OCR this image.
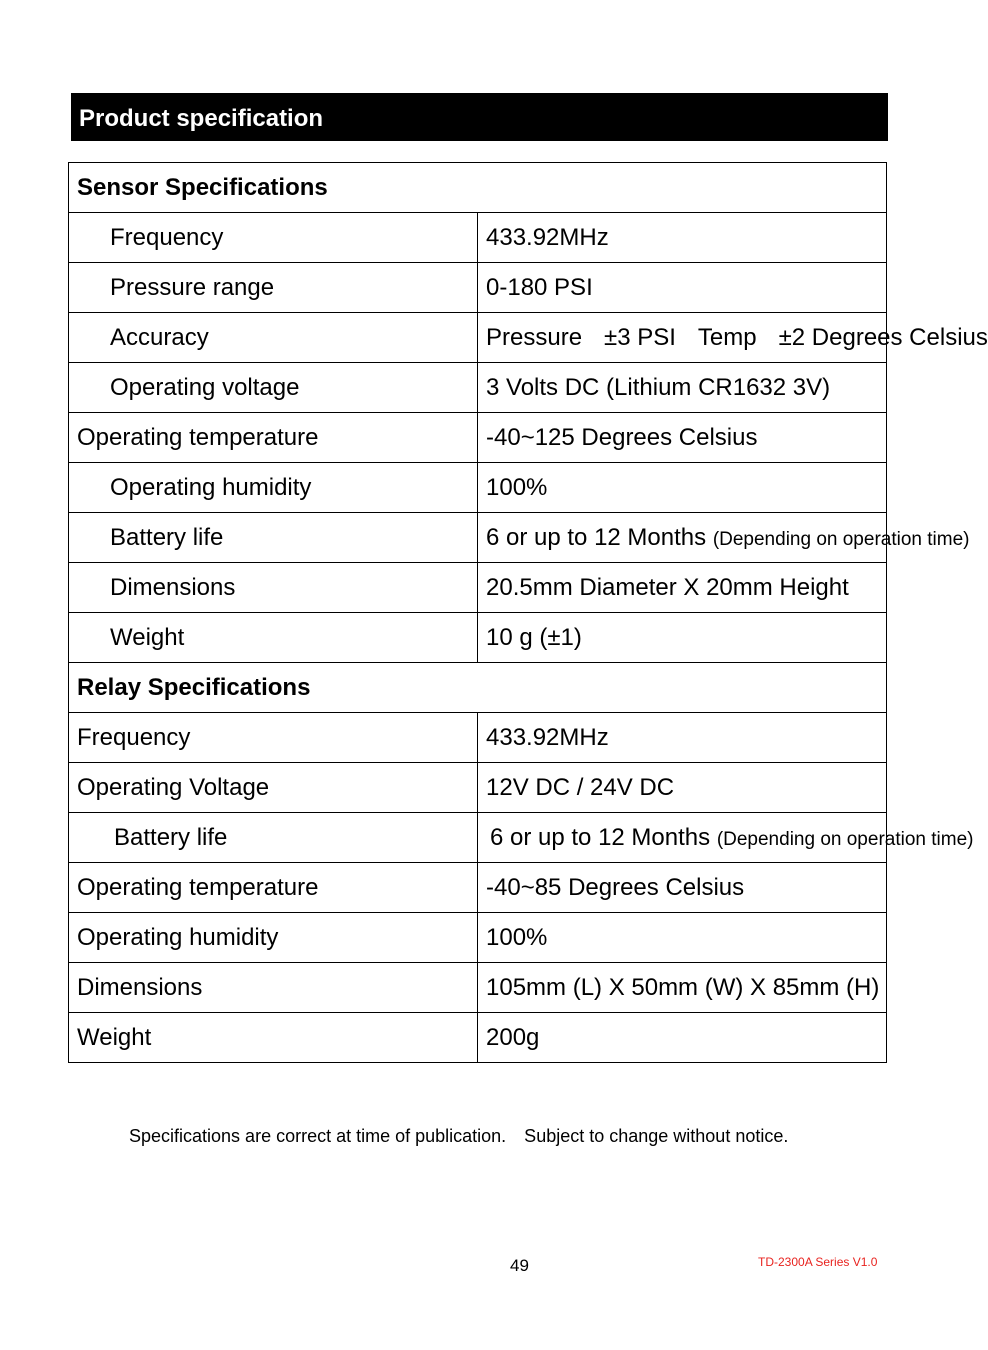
Product specification
Sensor Specifications	
Frequency	433.92MHz
Pressure range	0-180 PSI
Accuracy	Pressure ±3 PSI Temp ±2 Degrees Celsius
Operating voltage	3 Volts DC (Lithium CR1632 3V)
Operating temperature	-40~125 Degrees Celsius
Operating humidity	100%
Battery life	6 or up to 12 Months (Depending on operation time)
Dimensions	20.5mm Diameter X 20mm Height
Weight	10 g (±1)
Relay Specifications	
Frequency	433.92MHz
Operating Voltage	12V DC / 24V DC
Battery life	6 or up to 12 Months (Depending on operation time)
Operating temperature	-40~85 Degrees Celsius
Operating humidity	100%
Dimensions	105mm (L) X 50mm (W) X 85mm (H)
Weight	200g
Specifications are correct at time of publication.　Subject to change without notice.
49	TD-2300A Series V1.0
